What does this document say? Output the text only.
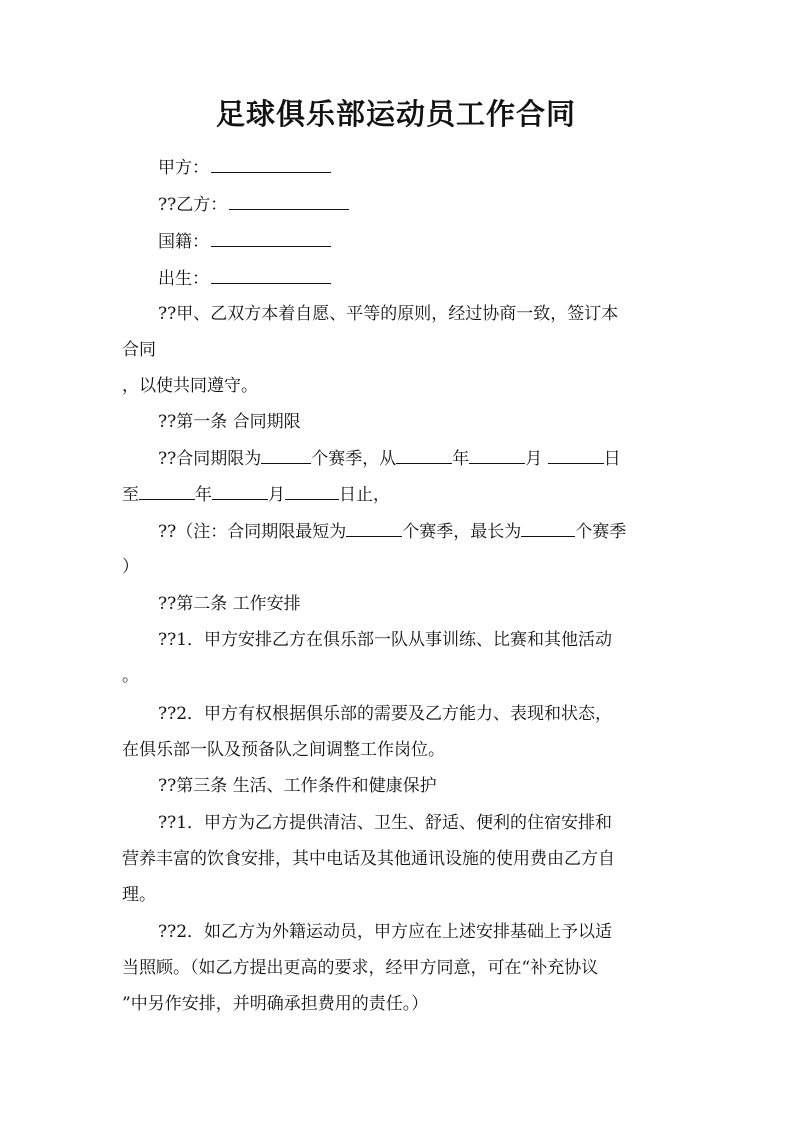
足球俱乐部运动员工作合同
甲方：
??乙方：
国籍：
出生：
??甲、乙双方本着自愿、平等的原则，经过协商一致，签订本
合同
，以使共同遵守。
??第一条 合同期限
??合同期限为	个赛季，从	年	月	日
至	年	月	日止，
??（注：合同期限最短为	个赛季，最长为	个赛季
）
??第二条 工作安排
??1．甲方安排乙方在俱乐部一队从事训练、比赛和其他活动
。
??2．甲方有权根据俱乐部的需要及乙方能力、表现和状态，
在俱乐部一队及预备队之间调整工作岗位。
??第三条 生活、工作条件和健康保护
??1．甲方为乙方提供清洁、卫生、舒适、便利的住宿安排和
营养丰富的饮食安排，其中电话及其他通讯设施的使用费由乙方自
理。
??2．如乙方为外籍运动员，甲方应在上述安排基础上予以适
当照顾。（如乙方提出更高的要求，经甲方同意，可在“补充协议
”中另作安排，并明确承担费用的责任。）
